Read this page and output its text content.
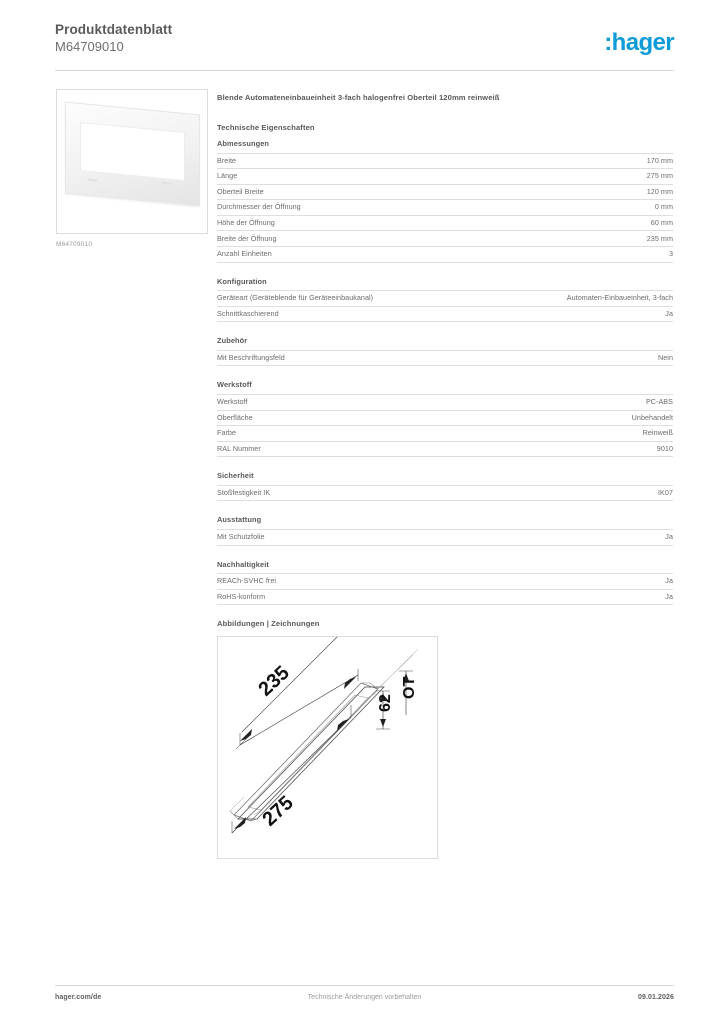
Produktdatenblatt
M64709010	:hager
M64709010
Blende Automateneinbaueinheit 3-fach halogenfrei Oberteil 120mm reinweiß
Technische Eigenschaften
Abmessungen
Breite	170 mm
Länge	275 mm
Oberteil Breite	120 mm
Durchmesser der Öffnung	0 mm
Höhe der Öffnung	60 mm
Breite der Öffnung	235 mm
Anzahl Einheiten	3
Konfiguration
Geräteart (Geräteblende für Geräteeinbaukanal)	Automaten-Einbaueinheit, 3-fach
Schnittkaschierend	Ja
Zubehör
Mit Beschriftungsfeld	Nein
Werkstoff
Werkstoff	PC-ABS
Oberfläche	Unbehandelt
Farbe	Reinweiß
RAL Nummer	9010
Sicherheit
Stoßfestigkeit IK	IK07
Ausstattung
Mit Schutzfolie	Ja
Nachhaltigkeit
REACh-SVHC frei	Ja
RoHS-konform	Ja
Abbildungen | Zeichnungen
235
275
62
OT
hager.com/de	Technische Änderungen vorbehalten	09.01.2026
